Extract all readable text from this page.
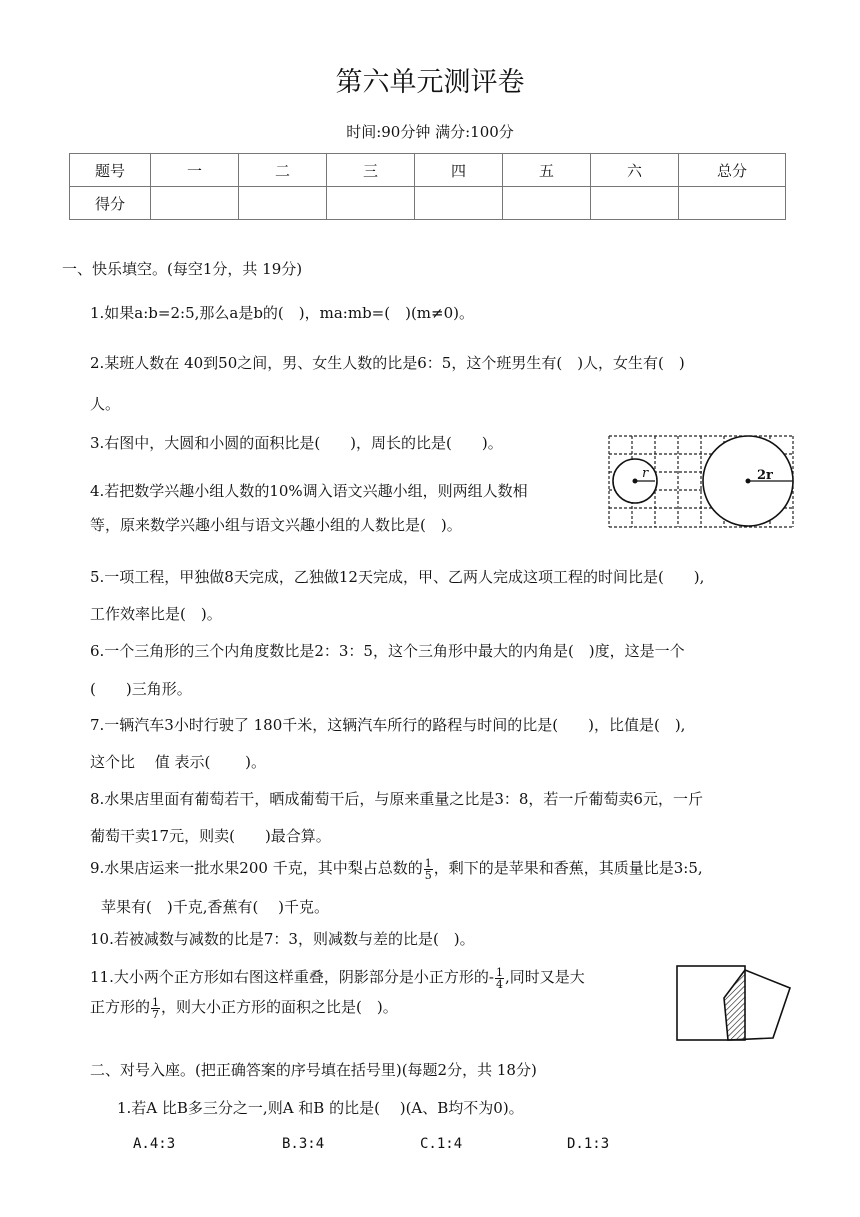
第六单元测评卷
时间:90分钟 满分:100分
题号	一	二	三	四	五	六	总分
得分							
一、快乐填空。(每空1分，共 19分)
1.如果a:b=2:5,那么a是b的(　)，ma:mb=(　)(m≠0)。
2.某班人数在 40到50之间，男、女生人数的比是6：5，这个班男生有(　)人，女生有(　)
人。
3.右图中，大圆和小圆的面积比是(　　)，周长的比是(　　)。
4.若把数学兴趣小组人数的10%调入语文兴趣小组，则两组人数相
等，原来数学兴趣小组与语文兴趣小组的人数比是(　)。
r	2r
5.一项工程，甲独做8天完成，乙独做12天完成，甲、乙两人完成这项工程的时间比是(　　),
工作效率比是(　)。
6.一个三角形的三个内角度数比是2：3：5，这个三角形中最大的内角是(　)度，这是一个
(　　)三角形。
7.一辆汽车3小时行驶了 180千米，这辆汽车所行的路程与时间的比是(　　)，比值是(　),
这个比　 值 表示(　　 )。
8.水果店里面有葡萄若干，晒成葡萄干后，与原来重量之比是3：8，若一斤葡萄卖6元，一斤
葡萄干卖17元，则卖(　　)最合算。
9.水果店运来一批水果200 千克，其中梨占总数的 $\frac{1}{5}$ ，剩下的是苹果和香蕉，其质量比是3:5,
苹果有(　)千克,香蕉有(　 )千克。
10.若被减数与减数的比是7：3，则减数与差的比是(　)。
11.大小两个正方形如右图这样重叠，阴影部分是小正方形的- $\frac{1}{4}$ ,同时又是大
正方形的 $\frac{1}{7}$ ，则大小正方形的面积之比是(　)。
二、对号入座。(把正确答案的序号填在括号里)(每题2分，共 18分)
1.若A 比B多三分之一,则A 和B 的比是(　 )(A、B均不为0)。
A.4:3	B.3:4	C.1:4	D.1:3
